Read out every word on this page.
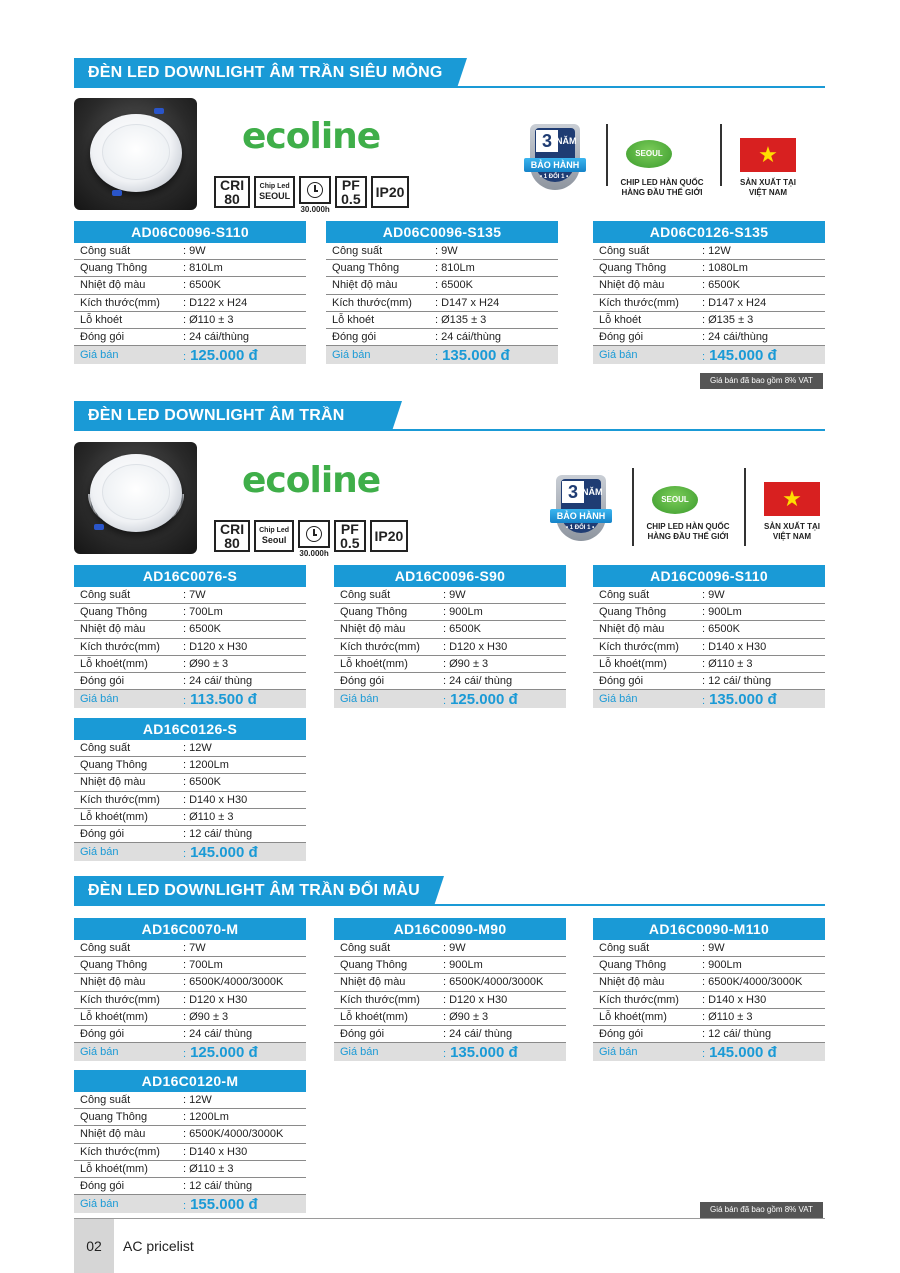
ĐÈN LED DOWNLIGHT ÂM TRẦN SIÊU MỎNG
ecoline
CRI
80
Chip Led
SEOUL
30.000h
PF
0.5	IP20
3 NĂM
BẢO HÀNH
• 1 ĐỔI 1 •
SEOUL
CHIP LED HÀN QUỐC
HÀNG ĐẦU THẾ GIỚI
★
SẢN XUẤT TẠI
VIỆT NAM
AD06C0096-S110
Công suất	: 9W
Quang Thông	: 810Lm
Nhiệt độ màu	: 6500K
Kích thước(mm)	: D122 x H24
Lỗ khoét	: Ø110 ± 3
Đóng gói	: 24 cái/thùng
Giá bán	: 125.000 đ
AD06C0096-S135
Công suất	: 9W
Quang Thông	: 810Lm
Nhiệt độ màu	: 6500K
Kích thước(mm)	: D147 x H24
Lỗ khoét	: Ø135 ± 3
Đóng gói	: 24 cái/thùng
Giá bán	: 135.000 đ
AD06C0126-S135
Công suất	: 12W
Quang Thông	: 1080Lm
Nhiệt độ màu	: 6500K
Kích thước(mm)	: D147 x H24
Lỗ khoét	: Ø135 ± 3
Đóng gói	: 24 cái/thùng
Giá bán	: 145.000 đ
Giá bán đã bao gồm 8% VAT
ĐÈN LED DOWNLIGHT ÂM TRẦN
ecoline
CRI
80
Chip Led
Seoul
30.000h
PF
0.5	IP20
3 NĂM
BẢO HÀNH
• 1 ĐỔI 1 •
SEOUL
CHIP LED HÀN QUỐC
HÀNG ĐẦU THẾ GIỚI
★
SẢN XUẤT TẠI
VIỆT NAM
AD16C0076-S
Công suất	: 7W
Quang Thông	: 700Lm
Nhiệt độ màu	: 6500K
Kích thước(mm)	: D120 x H30
Lỗ khoét(mm)	: Ø90 ± 3
Đóng gói	: 24 cái/ thùng
Giá bán	: 113.500 đ
AD16C0096-S90
Công suất	: 9W
Quang Thông	: 900Lm
Nhiệt độ màu	: 6500K
Kích thước(mm)	: D120 x H30
Lỗ khoét(mm)	: Ø90 ± 3
Đóng gói	: 24 cái/ thùng
Giá bán	: 125.000 đ
AD16C0096-S110
Công suất	: 9W
Quang Thông	: 900Lm
Nhiệt độ màu	: 6500K
Kích thước(mm)	: D140 x H30
Lỗ khoét(mm)	: Ø110 ± 3
Đóng gói	: 12 cái/ thùng
Giá bán	: 135.000 đ
AD16C0126-S
Công suất	: 12W
Quang Thông	: 1200Lm
Nhiệt độ màu	: 6500K
Kích thước(mm)	: D140 x H30
Lỗ khoét(mm)	: Ø110 ± 3
Đóng gói	: 12 cái/ thùng
Giá bán	: 145.000 đ
ĐÈN LED DOWNLIGHT ÂM TRẦN ĐỔI MÀU
AD16C0070-M
Công suất	: 7W
Quang Thông	: 700Lm
Nhiệt độ màu	: 6500K/4000/3000K
Kích thước(mm)	: D120 x H30
Lỗ khoét(mm)	: Ø90 ± 3
Đóng gói	: 24 cái/ thùng
Giá bán	: 125.000 đ
AD16C0090-M90
Công suất	: 9W
Quang Thông	: 900Lm
Nhiệt độ màu	: 6500K/4000/3000K
Kích thước(mm)	: D120 x H30
Lỗ khoét(mm)	: Ø90 ± 3
Đóng gói	: 24 cái/ thùng
Giá bán	: 135.000 đ
AD16C0090-M110
Công suất	: 9W
Quang Thông	: 900Lm
Nhiệt độ màu	: 6500K/4000/3000K
Kích thước(mm)	: D140 x H30
Lỗ khoét(mm)	: Ø110 ± 3
Đóng gói	: 12 cái/ thùng
Giá bán	: 145.000 đ
AD16C0120-M
Công suất	: 12W
Quang Thông	: 1200Lm
Nhiệt độ màu	: 6500K/4000/3000K
Kích thước(mm)	: D140 x H30
Lỗ khoét(mm)	: Ø110 ± 3
Đóng gói	: 12 cái/ thùng
Giá bán	: 155.000 đ	Giá bán đã bao gồm 8% VAT
02	AC pricelist
